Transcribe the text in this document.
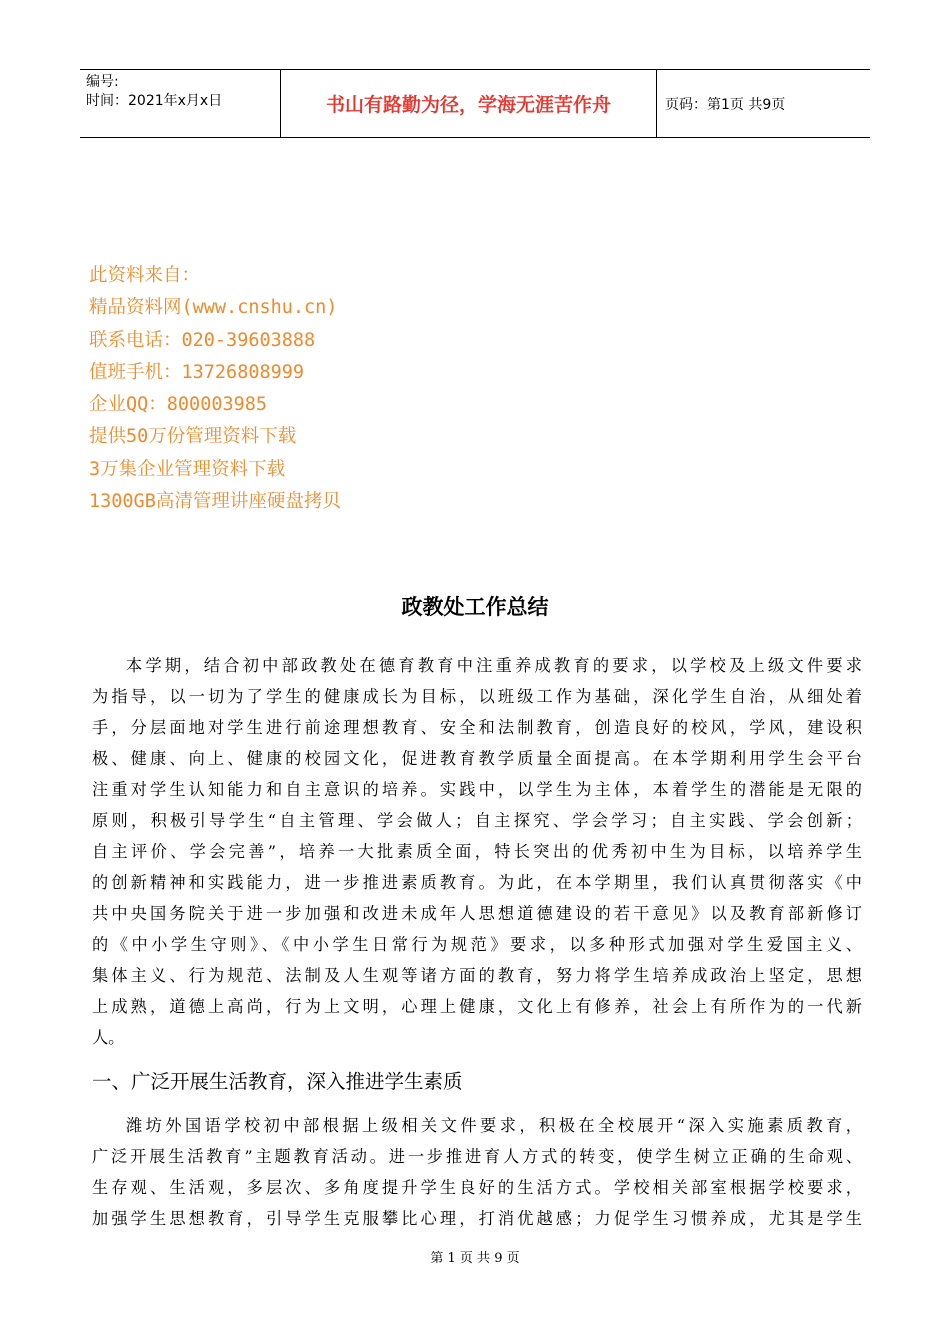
编号:
时间：2021年x月x日	书山有路勤为径，学海无涯苦作舟	页码：第1页 共9页
此资料来自：
精品资料网(www.cnshu.cn)
联系电话：020-39603888
值班手机：13726808999
企业QQ：800003985
提供50万份管理资料下载
3万集企业管理资料下载
1300GB高清管理讲座硬盘拷贝
政教处工作总结
本学期，结合初中部政教处在德育教育中注重养成教育的要求，以学校及上级文件要求
为指导，以一切为了学生的健康成长为目标，以班级工作为基础，深化学生自治，从细处着
手，分层面地对学生进行前途理想教育、安全和法制教育，创造良好的校风，学风，建设积
极、健康、向上、健康的校园文化，促进教育教学质量全面提高。在本学期利用学生会平台
注重对学生认知能力和自主意识的培养。实践中，以学生为主体，本着学生的潜能是无限的
原则，积极引导学生“自主管理、学会做人；自主探究、学会学习；自主实践、学会创新；
自主评价、学会完善”，培养一大批素质全面，特长突出的优秀初中生为目标，以培养学生
的创新精神和实践能力，进一步推进素质教育。为此，在本学期里，我们认真贯彻落实《中
共中央国务院关于进一步加强和改进未成年人思想道德建设的若干意见》以及教育部新修订
的《中小学生守则》、《中小学生日常行为规范》要求，以多种形式加强对学生爱国主义、
集体主义、行为规范、法制及人生观等诸方面的教育，努力将学生培养成政治上坚定，思想
上成熟，道德上高尚，行为上文明，心理上健康，文化上有修养，社会上有所作为的一代新
人。
一、广泛开展生活教育，深入推进学生素质
潍坊外国语学校初中部根据上级相关文件要求，积极在全校展开“深入实施素质教育，
广泛开展生活教育”主题教育活动。进一步推进育人方式的转变，使学生树立正确的生命观、
生存观、生活观，多层次、多角度提升学生良好的生活方式。学校相关部室根据学校要求，
加强学生思想教育，引导学生克服攀比心理，打消优越感；力促学生习惯养成，尤其是学生
第 1 页 共 9 页
